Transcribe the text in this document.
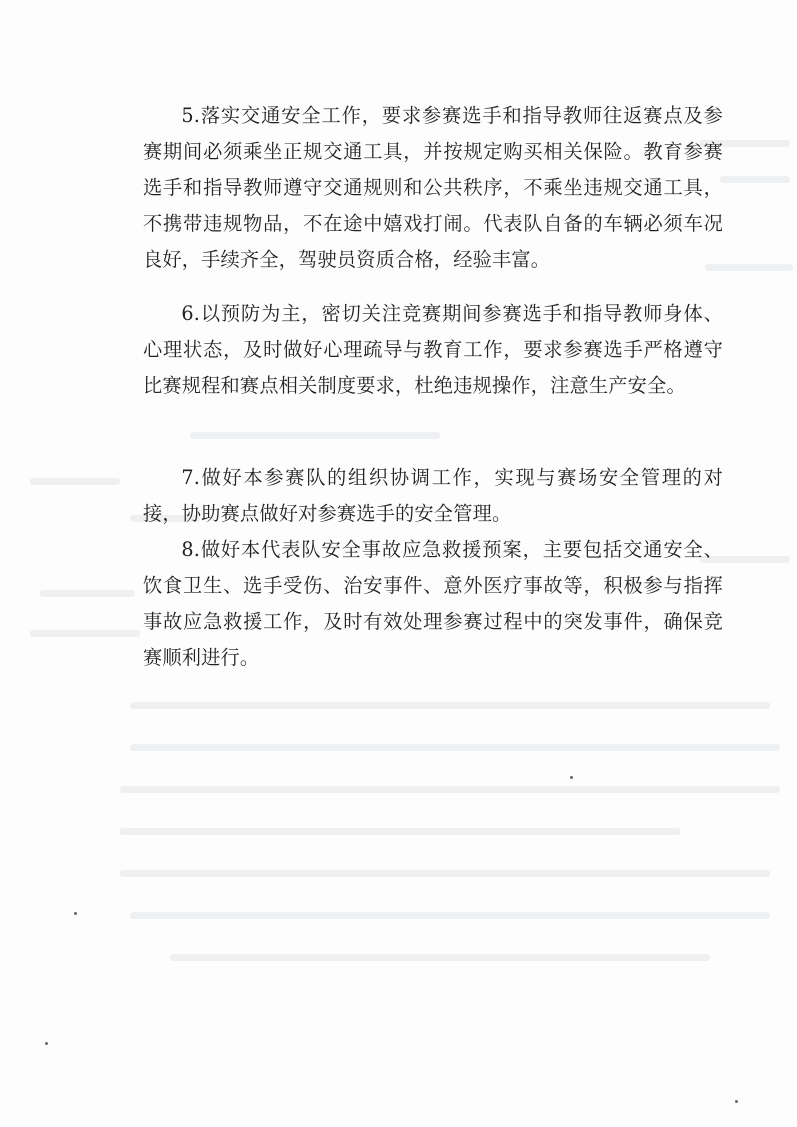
5.落实交通安全工作，要求参赛选手和指导教师往返赛点及参赛期间必须乘坐正规交通工具，并按规定购买相关保险。教育参赛选手和指导教师遵守交通规则和公共秩序，不乘坐违规交通工具，不携带违规物品，不在途中嬉戏打闹。代表队自备的车辆必须车况良好，手续齐全，驾驶员资质合格，经验丰富。

6.以预防为主，密切关注竞赛期间参赛选手和指导教师身体、心理状态，及时做好心理疏导与教育工作，要求参赛选手严格遵守比赛规程和赛点相关制度要求，杜绝违规操作，注意生产安全。

7.做好本参赛队的组织协调工作，实现与赛场安全管理的对接，协助赛点做好对参赛选手的安全管理。

8.做好本代表队安全事故应急救援预案，主要包括交通安全、饮食卫生、选手受伤、治安事件、意外医疗事故等，积极参与指挥事故应急救援工作，及时有效处理参赛过程中的突发事件，确保竞赛顺利进行。
